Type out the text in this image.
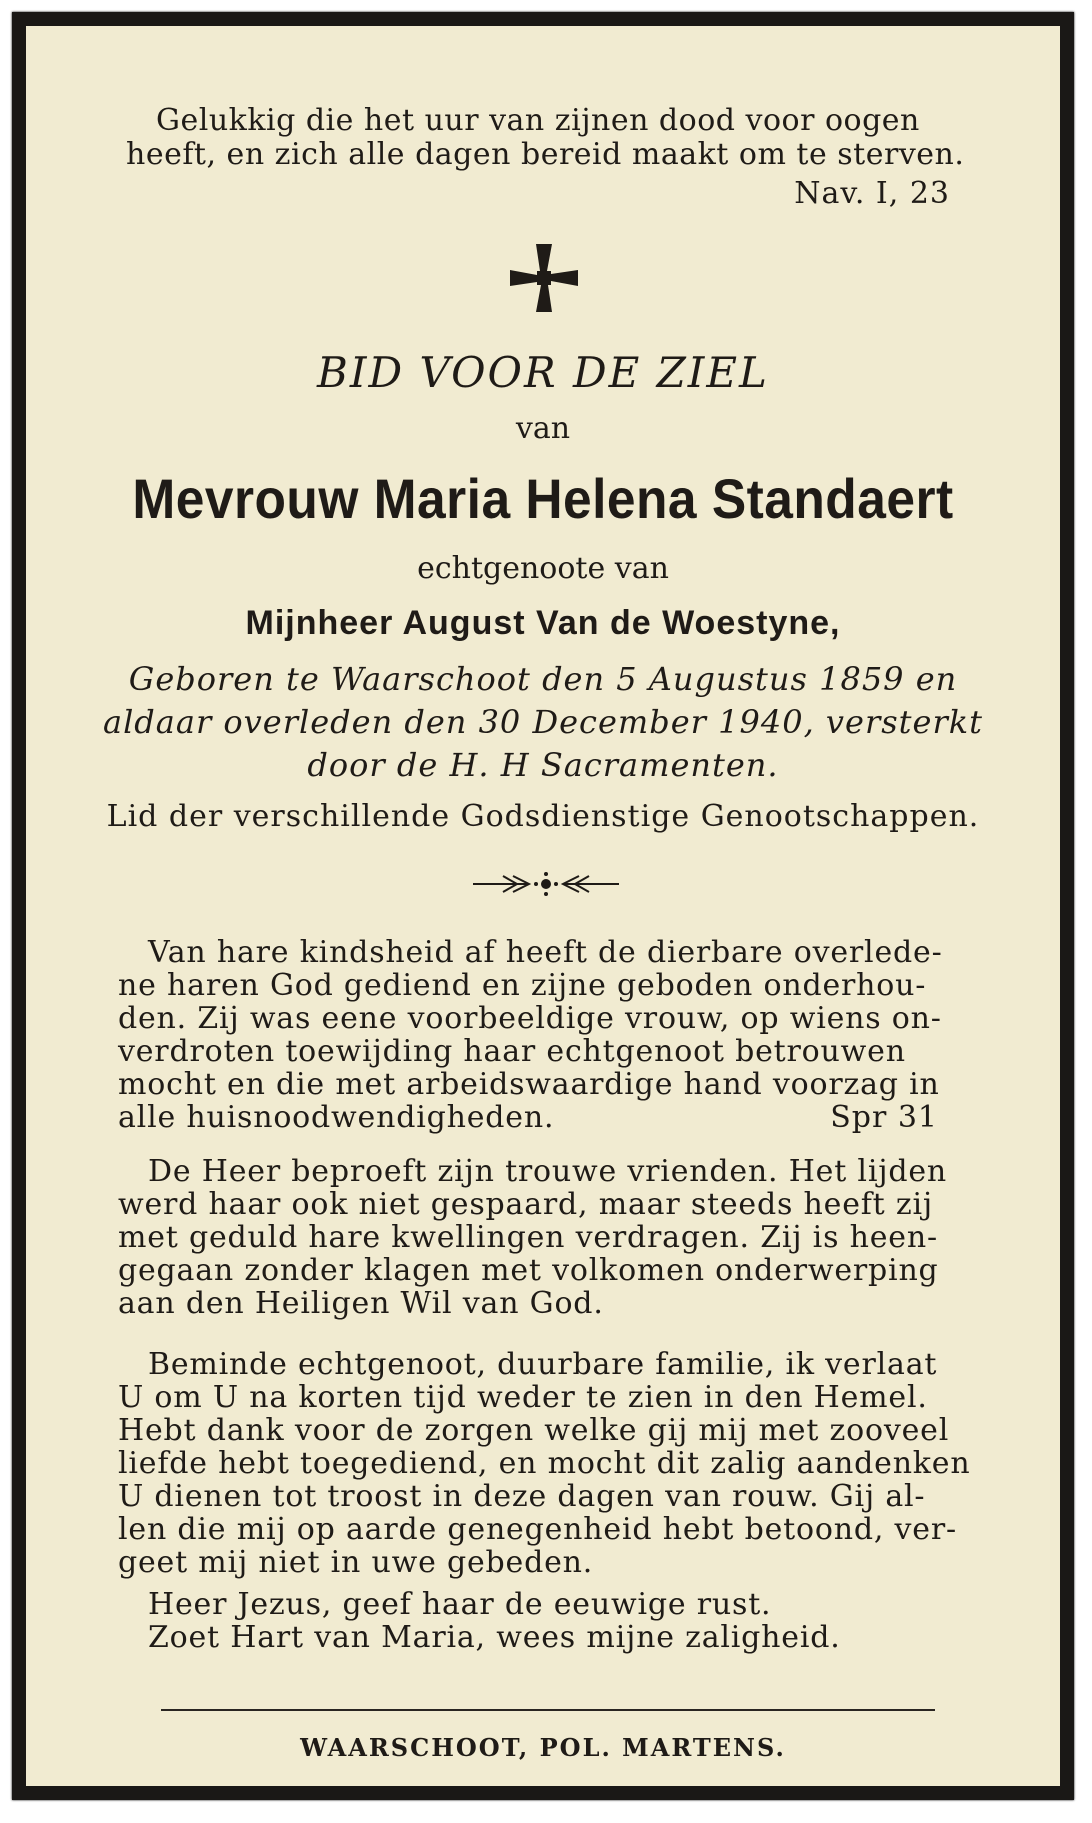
Gelukkig die het uur van zijnen dood voor oogen

heeft, en zich alle dagen bereid maakt om te sterven.

Nav. I, 23
BID VOOR DE ZIEL
van
Mevrouw Maria Helena Standaert
echtgenoote van
Mijnheer August Van de Woestyne,

Geboren te Waarschoot den 5 Augustus 1859 en

aldaar overleden den 30 December 1940, versterkt

door de H. H Sacramenten.

Lid der verschillende Godsdienstige Genootschappen.

Van hare kindsheid af heeft de dierbare overlede-

ne haren God gediend en zijne geboden onderhou-

den. Zij was eene voorbeeldige vrouw, op wiens on-

verdroten toewijding haar echtgenoot betrouwen

mocht en die met arbeidswaardige hand voorzag in

alle huisnoodwendigheden.	Spr 31

De Heer beproeft zijn trouwe vrienden. Het lijden

werd haar ook niet gespaard, maar steeds heeft zij

met geduld hare kwellingen verdragen. Zij is heen-

gegaan zonder klagen met volkomen onderwerping

aan den Heiligen Wil van God.

Beminde echtgenoot, duurbare familie, ik verlaat

U om U na korten tijd weder te zien in den Hemel.

Hebt dank voor de zorgen welke gij mij met zooveel

liefde hebt toegediend, en mocht dit zalig aandenken

U dienen tot troost in deze dagen van rouw. Gij al-

len die mij op aarde genegenheid hebt betoond, ver-

geet mij niet in uwe gebeden.

Heer Jezus, geef haar de eeuwige rust.

Zoet Hart van Maria, wees mijne zaligheid.

WAARSCHOOT, POL. MARTENS.
